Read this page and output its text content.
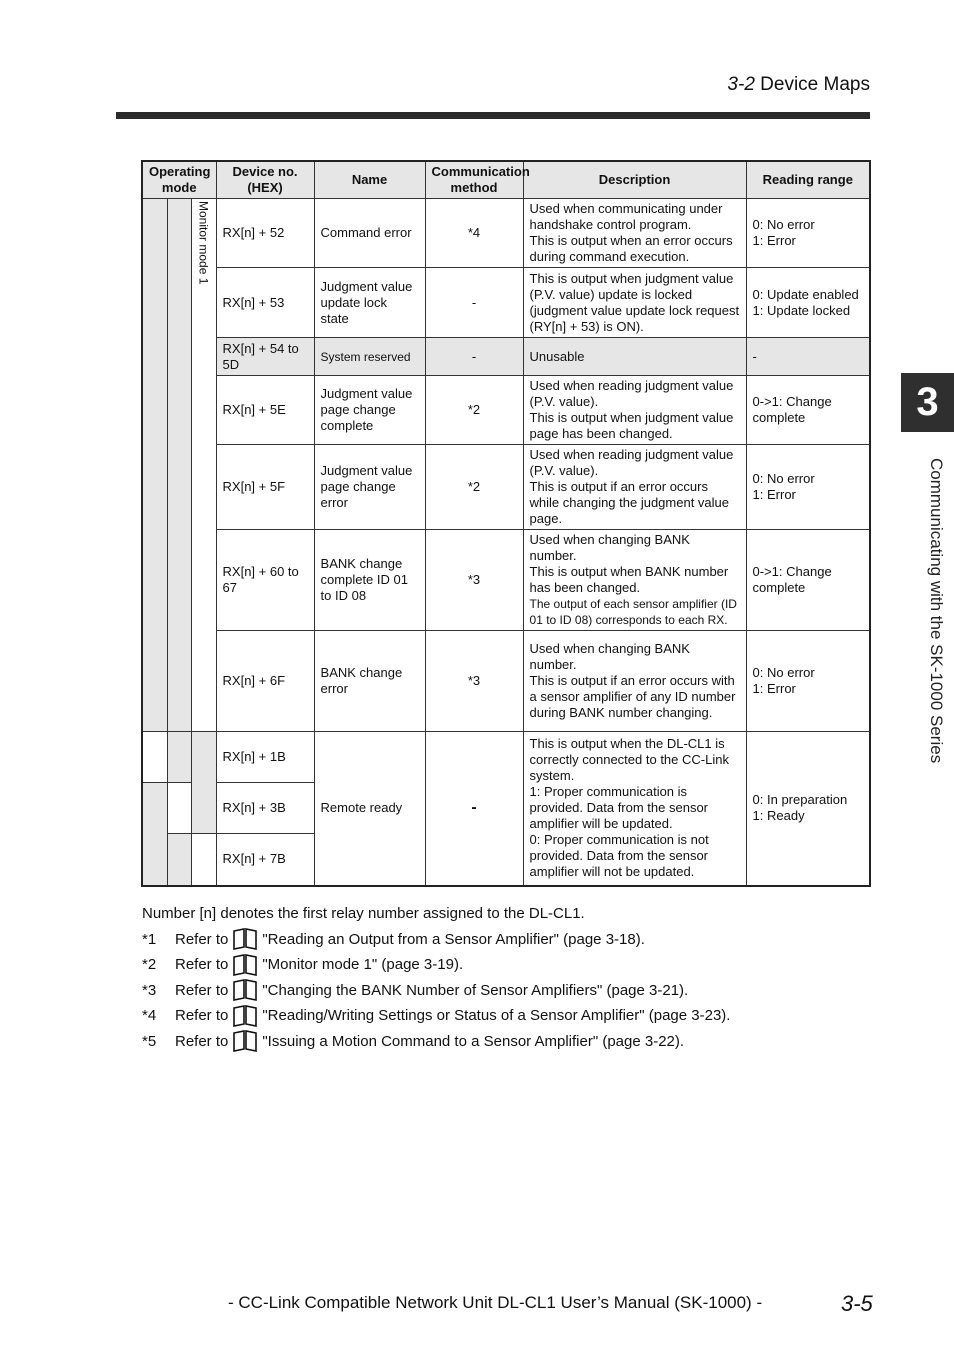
3-2 Device Maps
3
Communicating with the SK-1000 Series
Operating mode			Device no. (HEX)	Name	Communication method	Description	Reading range
		Monitor mode 1	RX[n] + 52	Command error	*4	Used when communicating under handshake control program.
This is output when an error occurs during command execution.	0: No error
1: Error
			RX[n] + 53	Judgment value update lock state	-	This is output when judgment value (P.V. value) update is locked (judgment value update lock request (RY[n] + 53) is ON).	0: Update enabled
1: Update locked
			RX[n] + 54 to 5D	System reserved	-	Unusable	-
			RX[n] + 5E	Judgment value page change complete	*2	Used when reading judgment value (P.V. value).
This is output when judgment value page has been changed.	0->1: Change complete
			RX[n] + 5F	Judgment value page change error	*2	Used when reading judgment value (P.V. value).
This is output if an error occurs while changing the judgment value page.	0: No error
1: Error
			RX[n] + 60 to 67	BANK change complete ID 01 to ID 08	*3	Used when changing BANK number.
This is output when BANK number has been changed.
The output of each sensor amplifier (ID 01 to ID 08) corresponds to each RX.	0->1: Change complete
			RX[n] + 6F	BANK change error	*3	Used when changing BANK number.
This is output if an error occurs with a sensor amplifier of any ID number during BANK number changing.	0: No error
1: Error
			RX[n] + 1B	Remote ready	-	This is output when the DL-CL1 is correctly connected to the CC-Link system.
1: Proper communication is provided. Data from the sensor amplifier will be updated.
0: Proper communication is not provided. Data from the sensor amplifier will not be updated.	0: In preparation
1: Ready
			RX[n] + 3B				
			RX[n] + 7B				
Number [n] denotes the first relay number assigned to the DL-CL1.
*1	Refer to "Reading an Output from a Sensor Amplifier" (page 3-18).
*2	Refer to "Monitor mode 1" (page 3-19).
*3	Refer to "Changing the BANK Number of Sensor Amplifiers" (page 3-21).
*4	Refer to "Reading/Writing Settings or Status of a Sensor Amplifier" (page 3-23).
*5	Refer to "Issuing a Motion Command to a Sensor Amplifier" (page 3-22).
- CC-Link Compatible Network Unit DL-CL1 User’s Manual (SK-1000) -	3-5
